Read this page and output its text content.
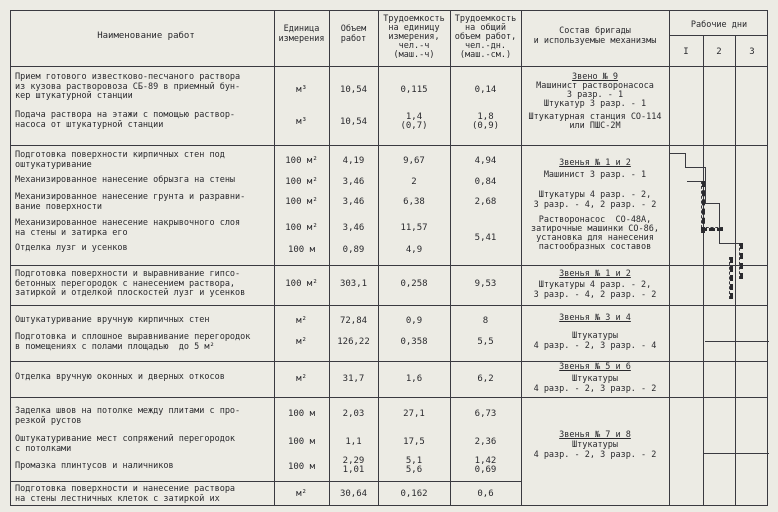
Наименование работ
Единица
измерения
Объем
работ
Трудоемкость
на единицу
измерения,
чел.-ч
(маш.-ч)
Трудоемкость
на общий
объем работ,
чел.-дн.
(маш.-см.)
Состав бригады
и используемые механизмы
Рабочие дни
I	2	3
Прием готового известково-песчаного раствора
из кузова растворовоза СБ-89 в приемный бун-
кер штукатурной станции
Подача раствора на этажи с помощью раствор-
насоса от штукатурной станции
Подготовка поверхности кирпичных стен под
оштукатуривание
Механизированное нанесение обрызга на стены
Механизированное нанесение грунта и разравни-
вание поверхности
Механизированное нанесение накрывочного слоя
на стены и затирка его
Отделка лузг и усенков
Подготовка поверхности и выравнивание гипсо-
бетонных перегородок с нанесением раствора,
затиркой и отделкой плоскостей лузг и усенков
Оштукатуривание вручную кирпичных стен
Подготовка и сплошное выравнивание перегородок
в помещениях с полами площадью  до 5 м²
Отделка вручную оконных и дверных откосов
Заделка швов на потолке между плитами с про-
резкой рустов
Оштукатуривание мест сопряжений перегородок
с потолками
Промазка плинтусов и наличников
Подготовка поверхности и нанесение раствора
на стены лестничных клеток с затиркой их
м³
м³
100 м²
100 м²
100 м²
100 м²
100 м
100 м²
м²
м²
м²
100 м
100 м
100 м
м²
10,54
10,54
4,19
3,46
3,46
3,46
0,89
303,1
72,84
126,22
31,7
2,03
1,1
2,29
1,01
30,64
0,115
1,4
(0,7)
9,67
2
6,38
11,57
4,9
0,258
0,9
0,358
1,6
27,1
17,5
5,1
5,6
0,162
0,14
1,8
(0,9)
4,94
0,84
2,68
5,41
9,53
8
5,5
6,2
6,73
2,36
1,42
0,69
0,6
Звено № 9
Машинист растворонасоса
3 разр. - 1
Штукатур 3 разр. - 1
Штукатурная станция СО-114
или ПШС-2М
Звенья № 1 и 2
Машинист 3 разр. - 1
Штукатуры 4 разр. - 2,
3 разр. - 4, 2 разр. - 2
Растворонасос  СО-48А,
затирочные машинки СО-86,
установка для нанесения
пастообразных составов
Звенья № 1 и 2
Штукатуры 4 разр. - 2,
3 разр. - 4, 2 разр. - 2
Звенья № 3 и 4
Штукатуры
4 разр. - 2, 3 разр. - 4
Звенья № 5 и 6
Штукатуры
4 разр. - 2, 3 разр. - 2
Звенья № 7 и 8
Штукатуры
4 разр. - 2, 3 разр. - 2
